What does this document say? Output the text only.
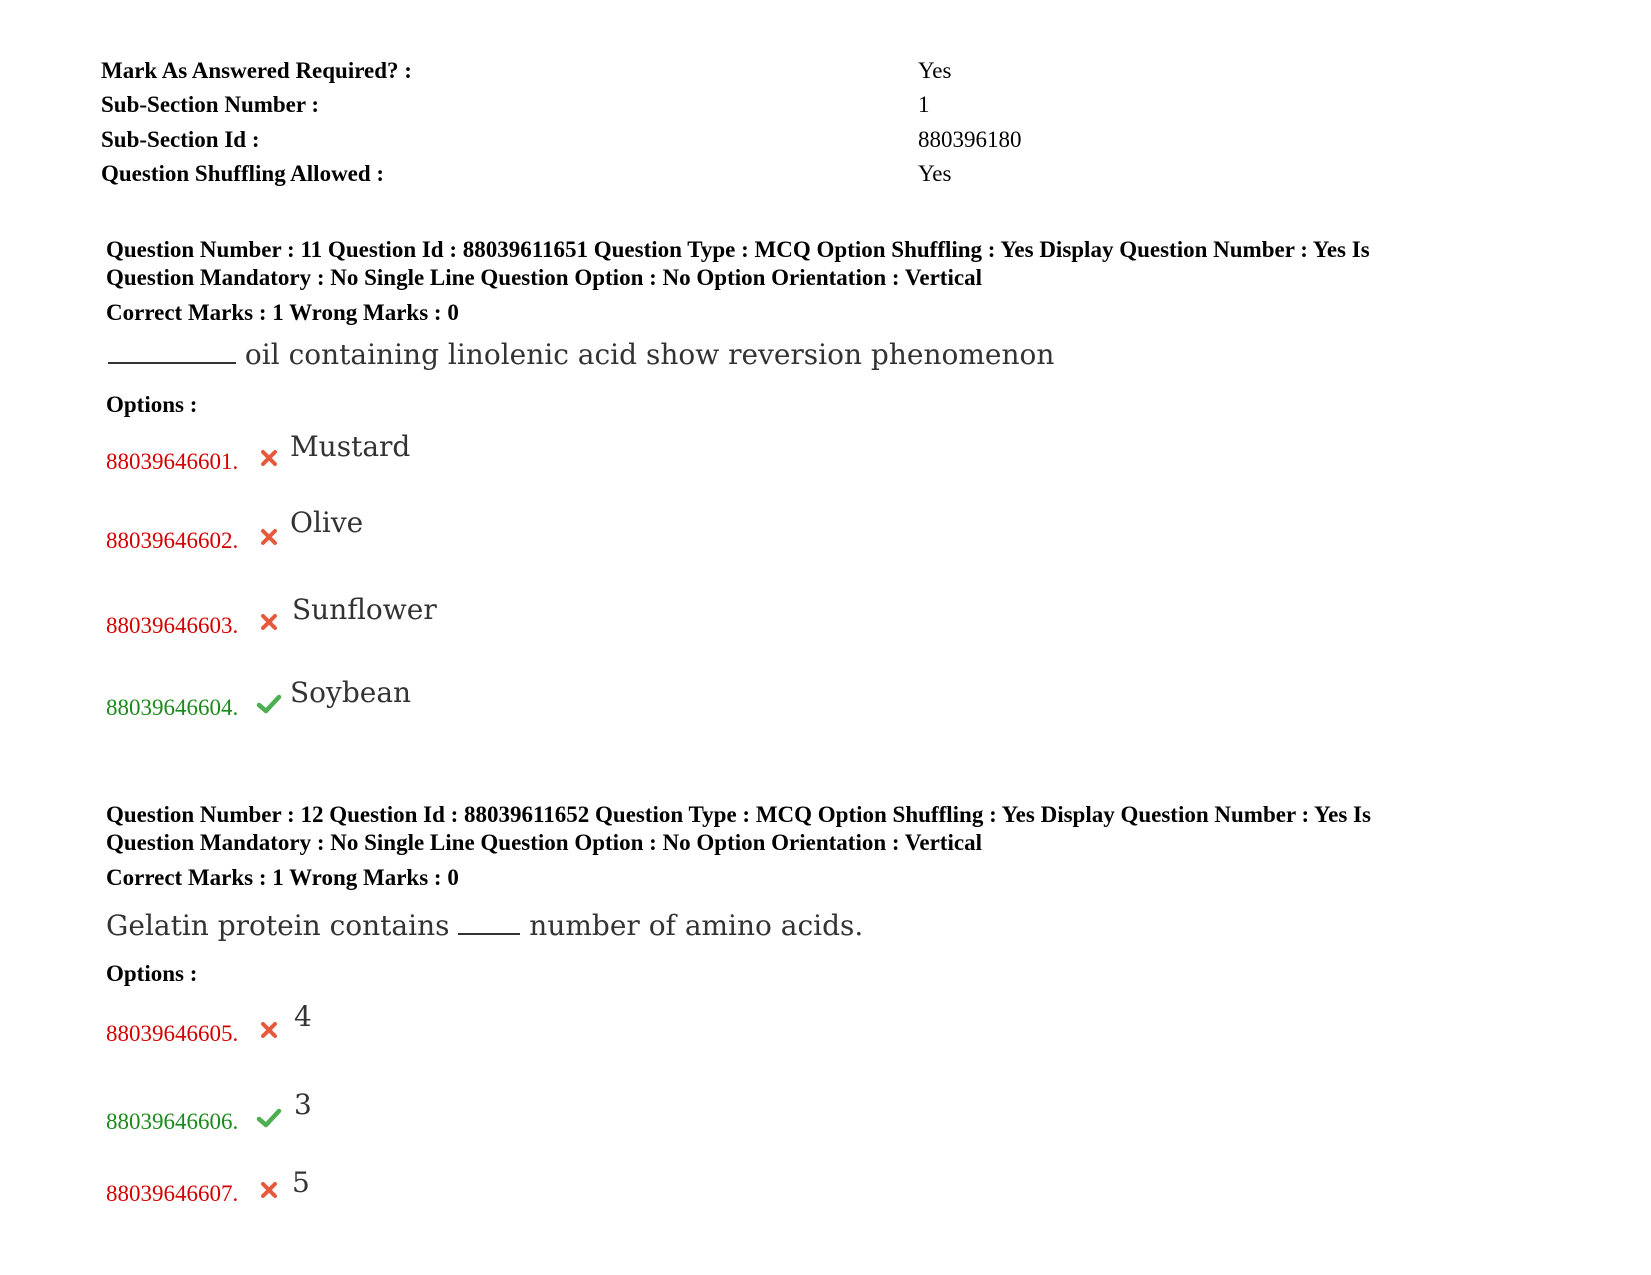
Mark As Answered Required? :	Yes
Sub-Section Number :	1
Sub-Section Id :	880396180
Question Shuffling Allowed :	Yes
Question Number : 11 Question Id : 88039611651 Question Type : MCQ Option Shuffling : Yes Display Question Number : Yes Is
Question Mandatory : No Single Line Question Option : No Option Orientation : Vertical
Correct Marks : 1 Wrong Marks : 0
oil containing linolenic acid show reversion phenomenon
Options :
88039646601. Mustard
88039646602.
Olive
88039646603. Sunflower
88039646604. Soybean
Question Number : 12 Question Id : 88039611652 Question Type : MCQ Option Shuffling : Yes Display Question Number : Yes Is
Question Mandatory : No Single Line Question Option : No Option Orientation : Vertical
Correct Marks : 1 Wrong Marks : 0
Gelatin protein contains	number of amino acids.
Options :
88039646605.
4
88039646606.
3
88039646607. 5
